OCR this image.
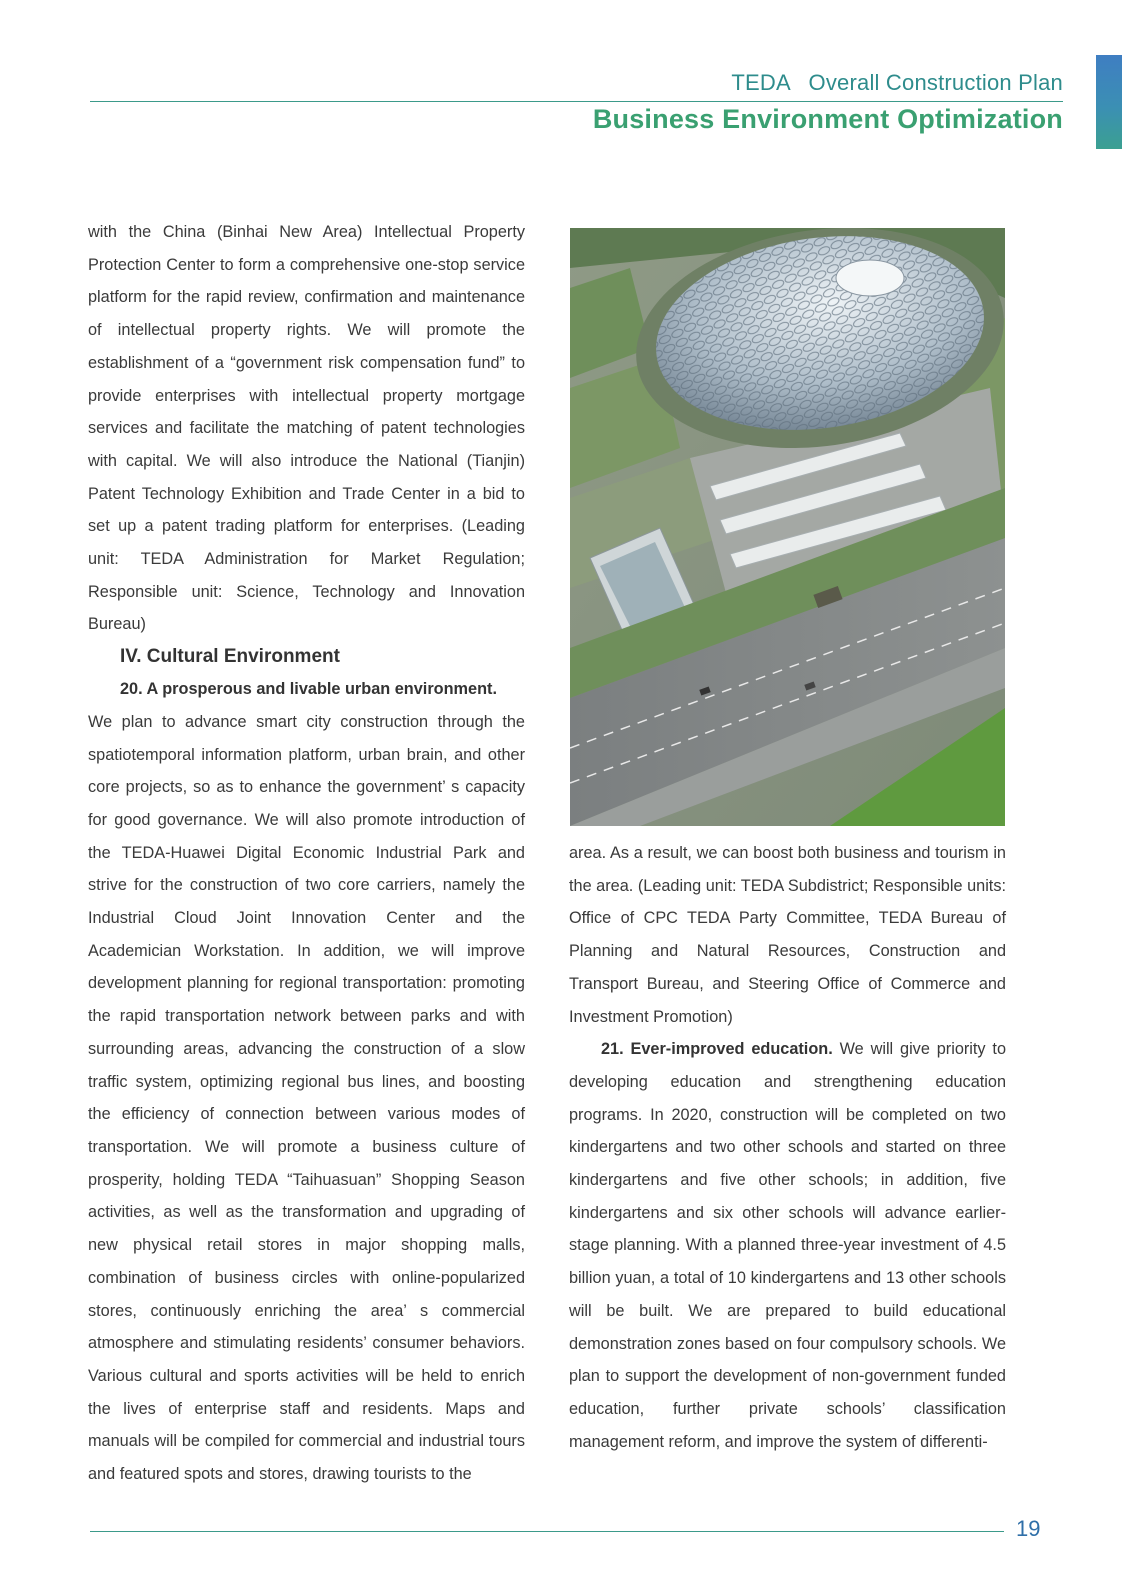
TEDA   Overall Construction Plan
Business Environment Optimization

with the China (Binhai New Area) Intellectual Property Protection Center to form a comprehensive one-stop service platform for the rapid review, confirmation and maintenance of intellectual property rights. We will promote the establishment of a “government risk compensation fund” to provide enterprises with intellectual property mortgage services and facilitate the matching of patent technologies with capital. We will also introduce the National (Tianjin) Patent Technology Exhibition and Trade Center in a bid to set up a patent trading platform for enterprises. (Leading unit: TEDA Administration for Market Regulation; Responsible unit: Science, Technology and Innovation Bureau)

IV. Cultural Environment

20. A prosperous and livable urban environment.

We plan to advance smart city construction through the spatiotemporal information platform, urban brain, and other core projects, so as to enhance the government’ s capacity for good governance. We will also promote introduction of the TEDA-Huawei Digital Economic Industrial Park and strive for the construction of two core carriers, namely the Industrial Cloud Joint Innovation Center and the Academician Workstation. In addition, we will improve development planning for regional transportation: promoting the rapid transportation network between parks and with surrounding areas, advancing the construction of a slow traffic system, optimizing regional bus lines, and boosting the efficiency of connection between various modes of transportation. We will promote a business culture of prosperity, holding TEDA “Taihuasuan” Shopping Season activities, as well as the transformation and upgrading of new physical retail stores in major shopping malls, combination of business circles with online-popularized stores, continuously enriching the area’ s commercial atmosphere and stimulating residents’ consumer behaviors. Various cultural and sports activities will be held to enrich the lives of enterprise staff and residents. Maps and manuals will be compiled for commercial and industrial tours and featured spots and stores, drawing tourists to the

area. As a result, we can boost both business and tourism in the area. (Leading unit: TEDA Subdistrict; Responsible units: Office of CPC TEDA Party Committee, TEDA Bureau of Planning and Natural Resources, Construction and Transport Bureau, and Steering Office of Commerce and Investment Promotion)

21. Ever-improved education. We will give priority to developing education and strengthening education programs. In 2020, construction will be completed on two kindergartens and two other schools and started on three kindergartens and five other schools; in addition, five kindergartens and six other schools will advance earlier-stage planning. With a planned three-year investment of 4.5 billion yuan, a total of 10 kindergartens and 13 other schools will be built. We are prepared to build educational demonstration zones based on four compulsory schools. We plan to support the development of non-government funded education, further private schools’ classification management reform, and improve the system of differenti-

19
